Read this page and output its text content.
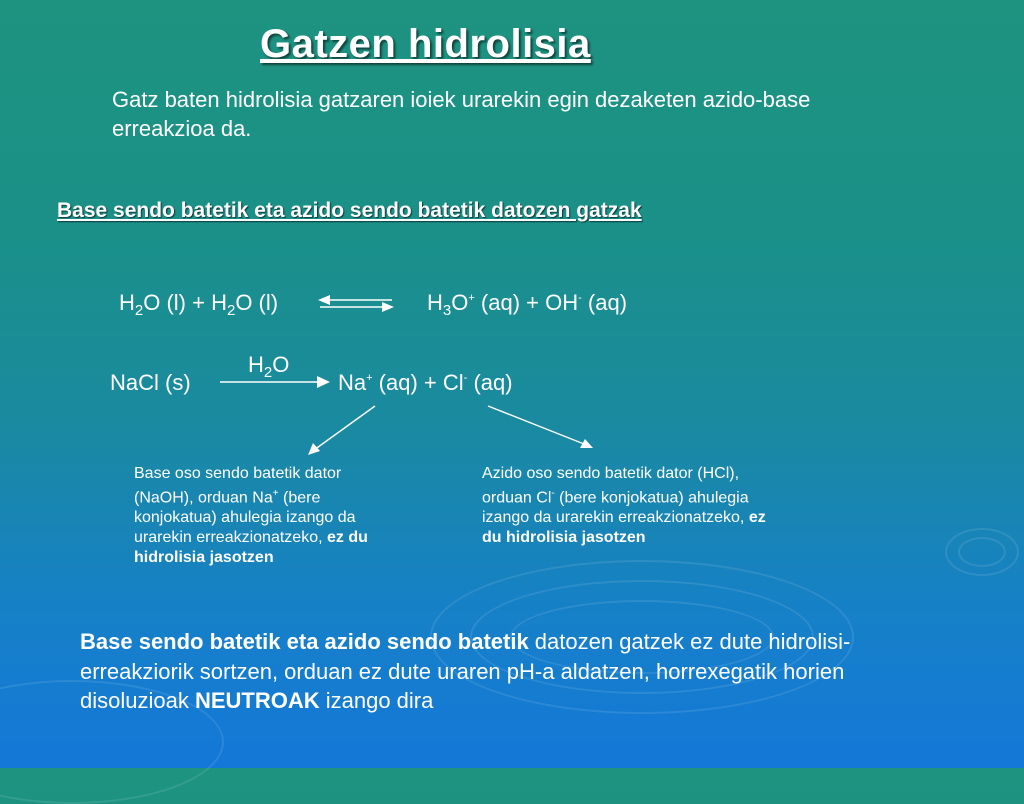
Gatzen hidrolisia
Gatz baten hidrolisia gatzaren ioiek urarekin egin dezaketen azido-base erreakzioa da.
Base sendo batetik eta azido sendo batetik datozen gatzak
$H_2O$ $(l) + H_2O$ (l)	$H_3O^+$ (aq) + OH- (aq)
$H_2O$
NaCl (s)	Na+ (aq) + Cl- (aq)
Base oso sendo batetik dator (NaOH), orduan Na+ (bere konjokatua) ahulegia izango da urarekin erreakzionatzeko, ez du hidrolisia jasotzen
Azido oso sendo batetik dator (HCl), orduan Cl- (bere konjokatua) ahulegia izango da urarekin erreakzionatzeko, ez du hidrolisia jasotzen
Base sendo batetik eta azido sendo batetik datozen gatzek ez dute hidrolisi-erreakziorik sortzen, orduan ez dute uraren pH-a aldatzen, horrexegatik horien disoluzioak NEUTROAK izango dira
